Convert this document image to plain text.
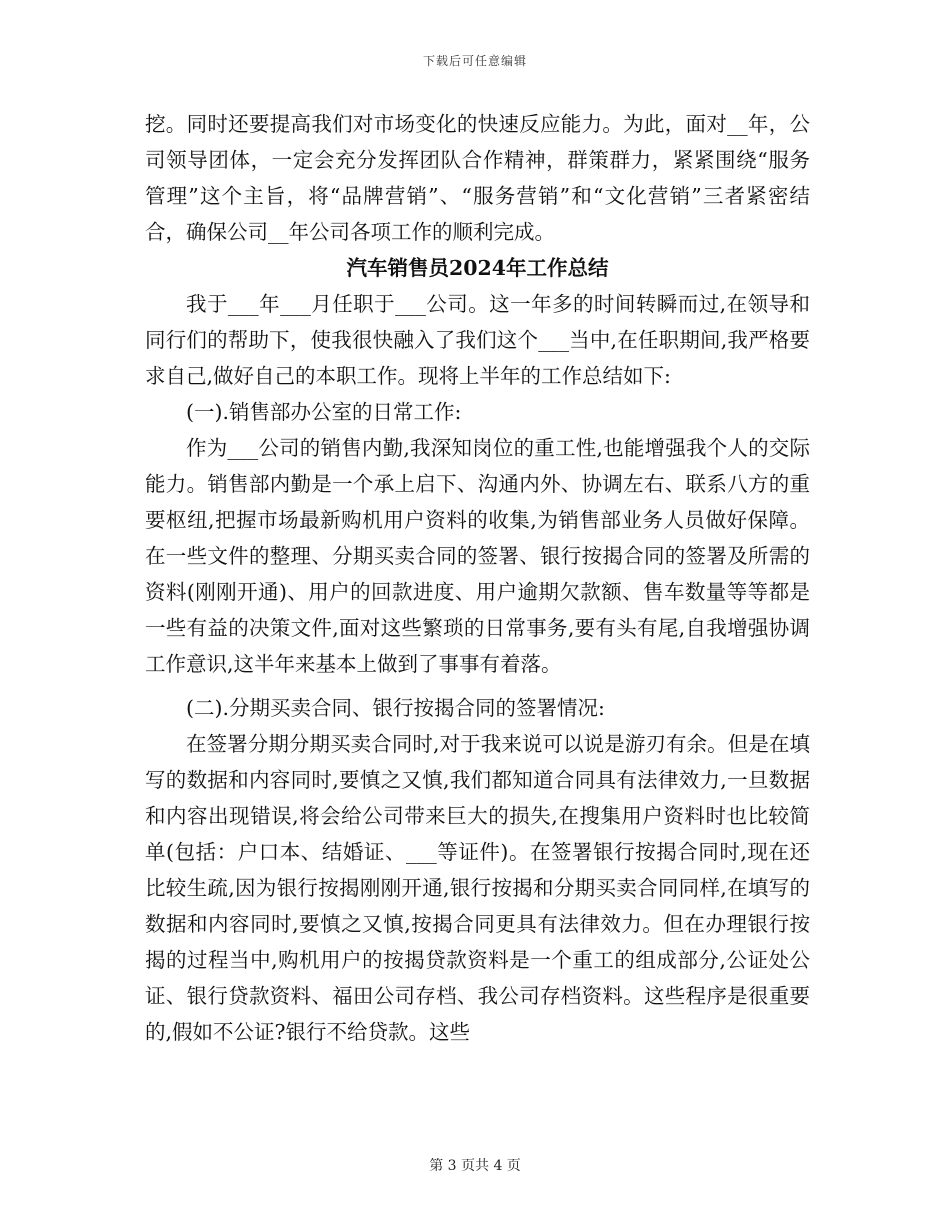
下载后可任意编辑

挖。同时还要提高我们对市场变化的快速反应能力。为此，面对__年，公司领导团体，一定会充分发挥团队合作精神，群策群力，紧紧围绕“服务管理”这个主旨，将“品牌营销”、“服务营销”和“文化营销”三者紧密结合，确保公司__年公司各项工作的顺利完成。

汽车销售员2024年工作总结

我于___年___月任职于___公司。这一年多的时间转瞬而过,在领导和同行们的帮助下，使我很快融入了我们这个___当中,在任职期间,我严格要求自己,做好自己的本职工作。现将上半年的工作总结如下:

(一).销售部办公室的日常工作:

作为___公司的销售内勤,我深知岗位的重工性,也能增强我个人的交际能力。销售部内勤是一个承上启下、沟通内外、协调左右、联系八方的重要枢纽,把握市场最新购机用户资料的收集,为销售部业务人员做好保障。在一些文件的整理、分期买卖合同的签署、银行按揭合同的签署及所需的资料(刚刚开通)、用户的回款进度、用户逾期欠款额、售车数量等等都是一些有益的决策文件,面对这些繁琐的日常事务,要有头有尾,自我增强协调工作意识,这半年来基本上做到了事事有着落。

(二).分期买卖合同、银行按揭合同的签署情况:

在签署分期分期买卖合同时,对于我来说可以说是游刃有余。但是在填写的数据和内容同时,要慎之又慎,我们都知道合同具有法律效力,一旦数据和内容出现错误,将会给公司带来巨大的损失,在搜集用户资料时也比较简单(包括：户口本、结婚证、___等证件)。在签署银行按揭合同时,现在还比较生疏,因为银行按揭刚刚开通,银行按揭和分期买卖合同同样,在填写的数据和内容同时,要慎之又慎,按揭合同更具有法律效力。但在办理银行按揭的过程当中,购机用户的按揭贷款资料是一个重工的组成部分,公证处公证、银行贷款资料、福田公司存档、我公司存档资料。这些程序是很重要的,假如不公证?银行不给贷款。这些

第 3 页共 4 页
